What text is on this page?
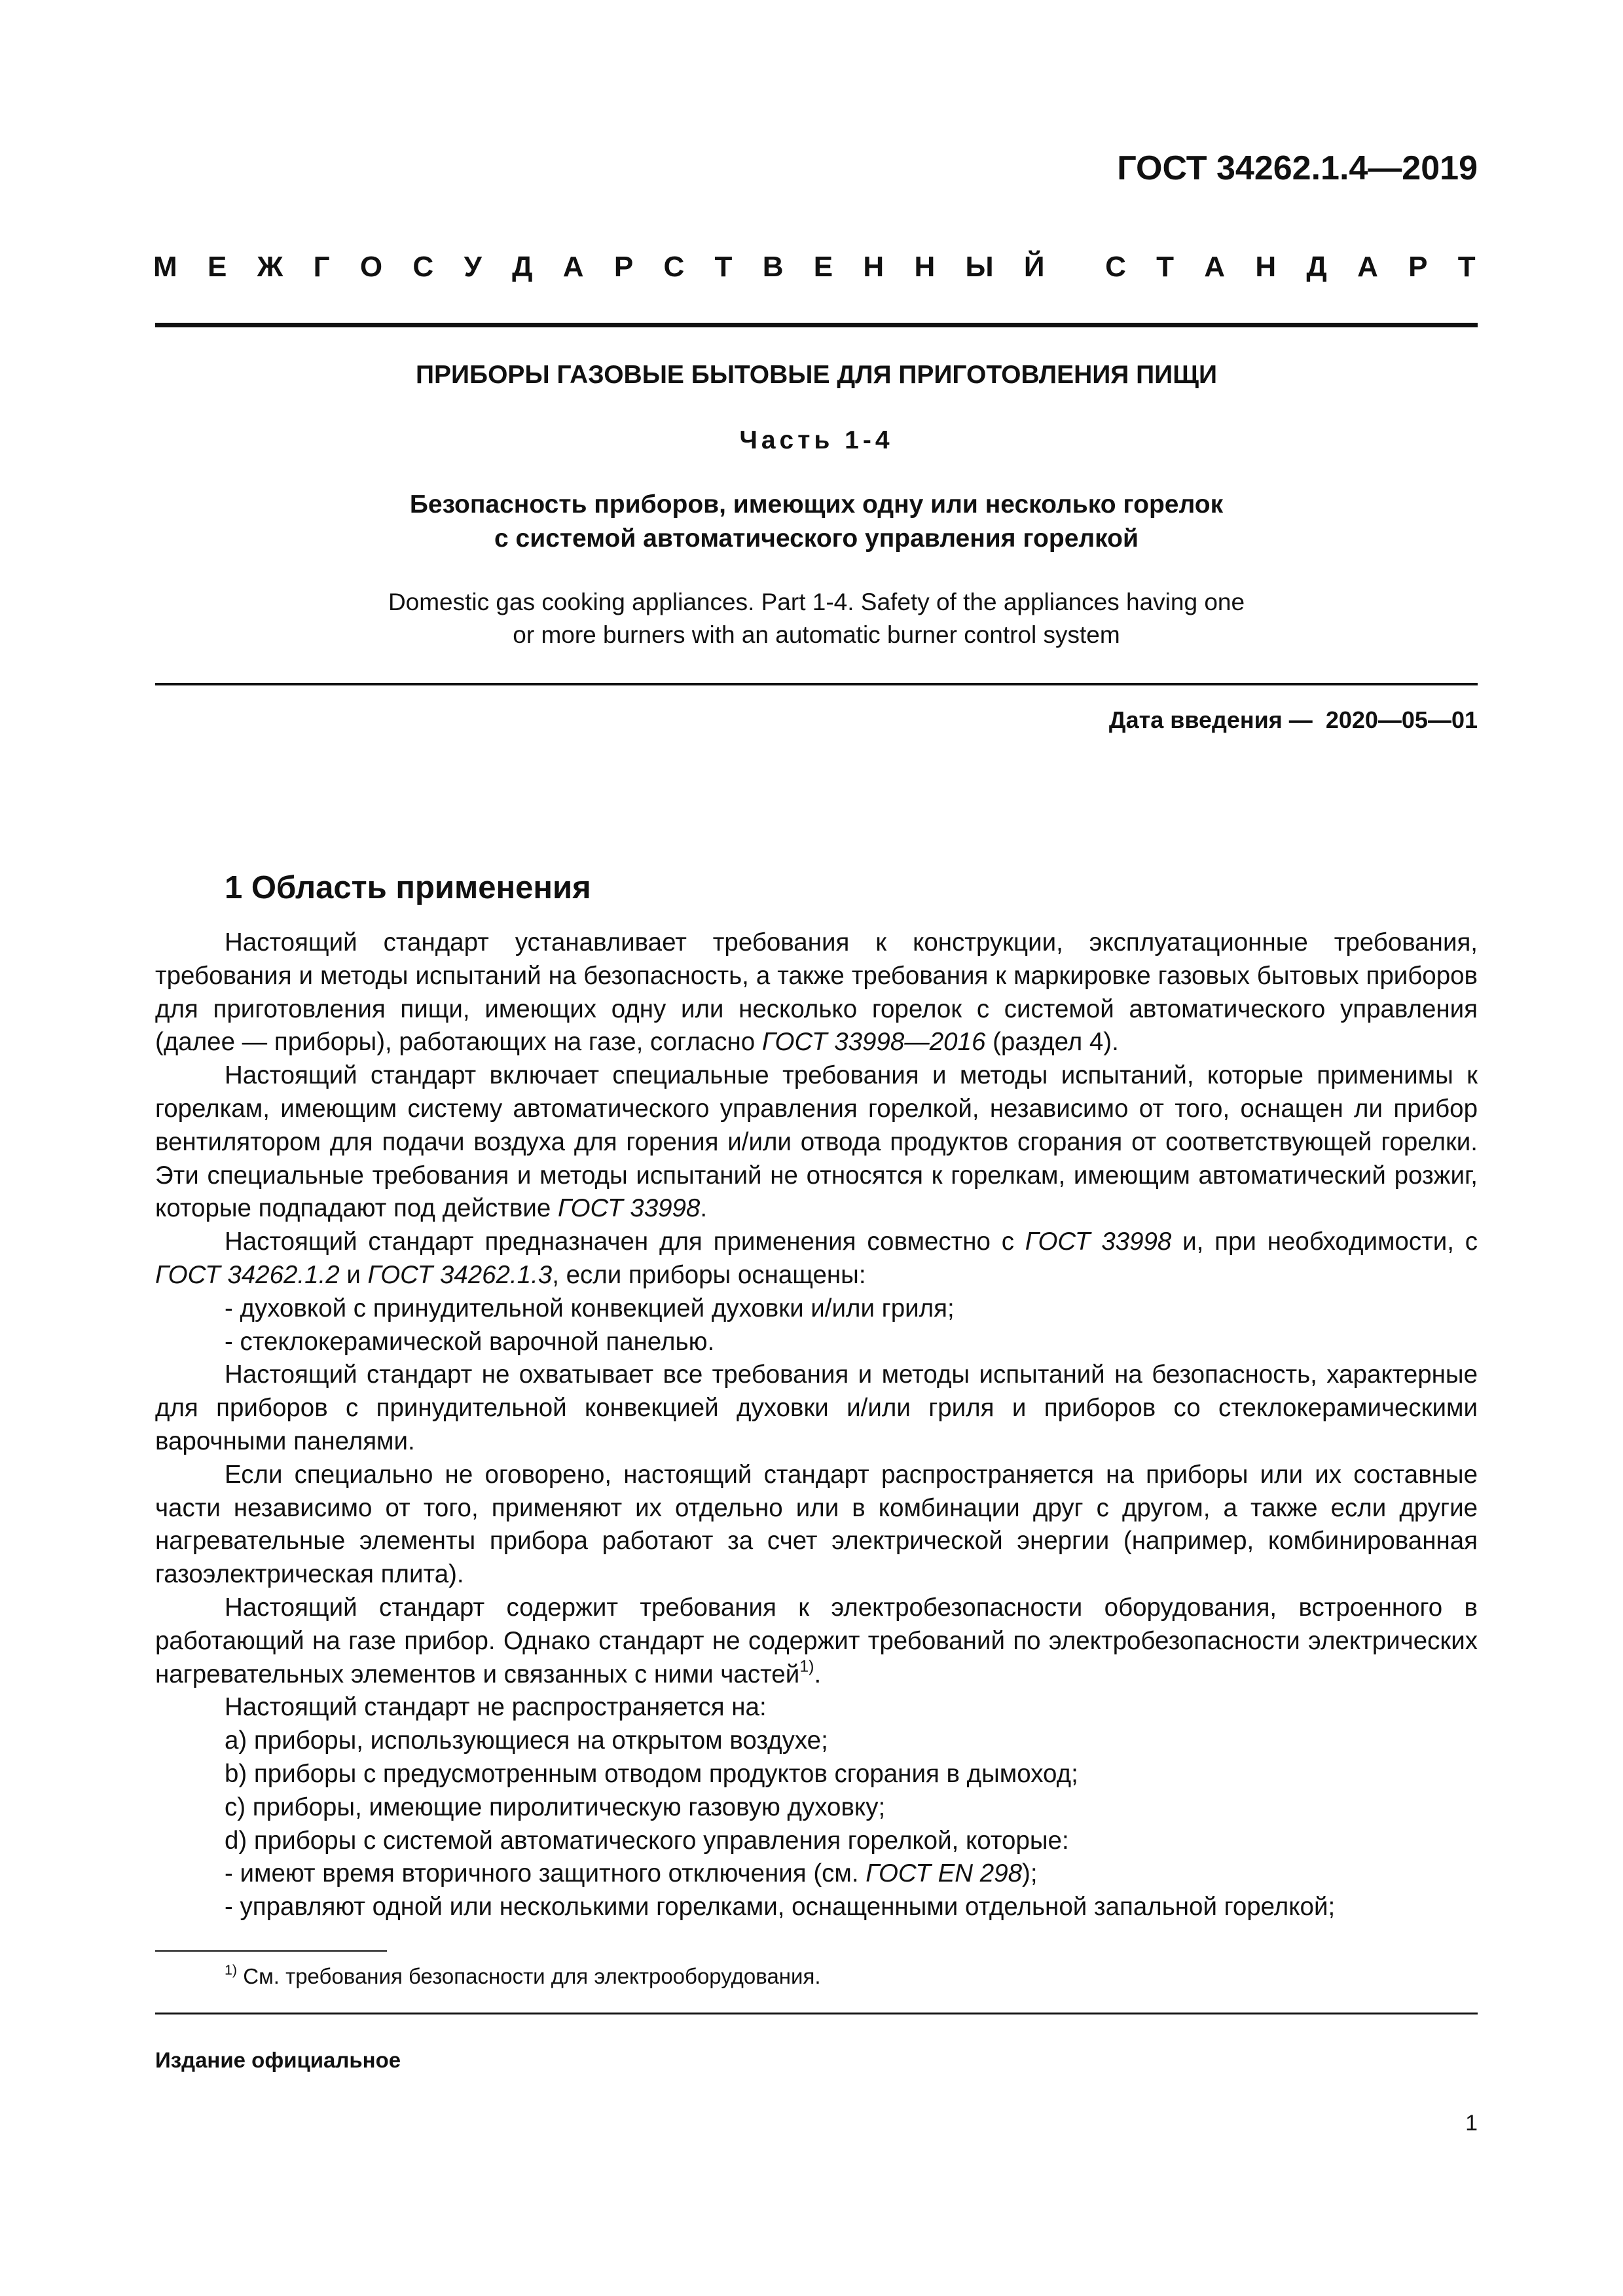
ГОСТ 34262.1.4—2019
М Е Ж Г О С У Д А Р С Т В Е Н Н Ы Й С Т А Н Д А Р Т
ПРИБОРЫ ГАЗОВЫЕ БЫТОВЫЕ ДЛЯ ПРИГОТОВЛЕНИЯ ПИЩИ
Часть 1-4
Безопасность приборов, имеющих одну или несколько горелок
с системой автоматического управления горелкой
Domestic gas cooking appliances. Part 1-4. Safety of the appliances having one
or more burners with an automatic burner control system
Дата введения — 2020—05—01
1 Область применения

Настоящий стандарт устанавливает требования к конструкции, эксплуатационные требования, требования и методы испытаний на безопасность, а также требования к маркировке газовых бытовых приборов для приготовления пищи, имеющих одну или несколько горелок с системой автоматического управления (далее — приборы), работающих на газе, согласно ГОСТ 33998—2016 (раздел 4).

Настоящий стандарт включает специальные требования и методы испытаний, которые применимы к горелкам, имеющим систему автоматического управления горелкой, независимо от того, оснащен ли прибор вентилятором для подачи воздуха для горения и/или отвода продуктов сгорания от соответствующей горелки. Эти специальные требования и методы испытаний не относятся к горелкам, имеющим автоматический розжиг, которые подпадают под действие ГОСТ 33998.

Настоящий стандарт предназначен для применения совместно с ГОСТ 33998 и, при необходимости, с ГОСТ 34262.1.2 и ГОСТ 34262.1.3, если приборы оснащены:

- духовкой с принудительной конвекцией духовки и/или гриля;

- стеклокерамической варочной панелью.

Настоящий стандарт не охватывает все требования и методы испытаний на безопасность, характерные для приборов с принудительной конвекцией духовки и/или гриля и приборов со стеклокерамическими варочными панелями.

Если специально не оговорено, настоящий стандарт распространяется на приборы или их составные части независимо от того, применяют их отдельно или в комбинации друг с другом, а также если другие нагревательные элементы прибора работают за счет электрической энергии (например, комбинированная газоэлектрическая плита).

Настоящий стандарт содержит требования к электробезопасности оборудования, встроенного в работающий на газе прибор. Однако стандарт не содержит требований по электробезопасности электрических нагревательных элементов и связанных с ними частей$^{1)}$.

Настоящий стандарт не распространяется на:

a) приборы, использующиеся на открытом воздухе;

b) приборы с предусмотренным отводом продуктов сгорания в дымоход;

c) приборы, имеющие пиролитическую газовую духовку;

d) приборы с системой автоматического управления горелкой, которые:

- имеют время вторичного защитного отключения (см. ГОСТ EN 298);

- управляют одной или несколькими горелками, оснащенными отдельной запальной горелкой;

$^{1)}$ См. требования безопасности для электрооборудования.
Издание официальное
1
